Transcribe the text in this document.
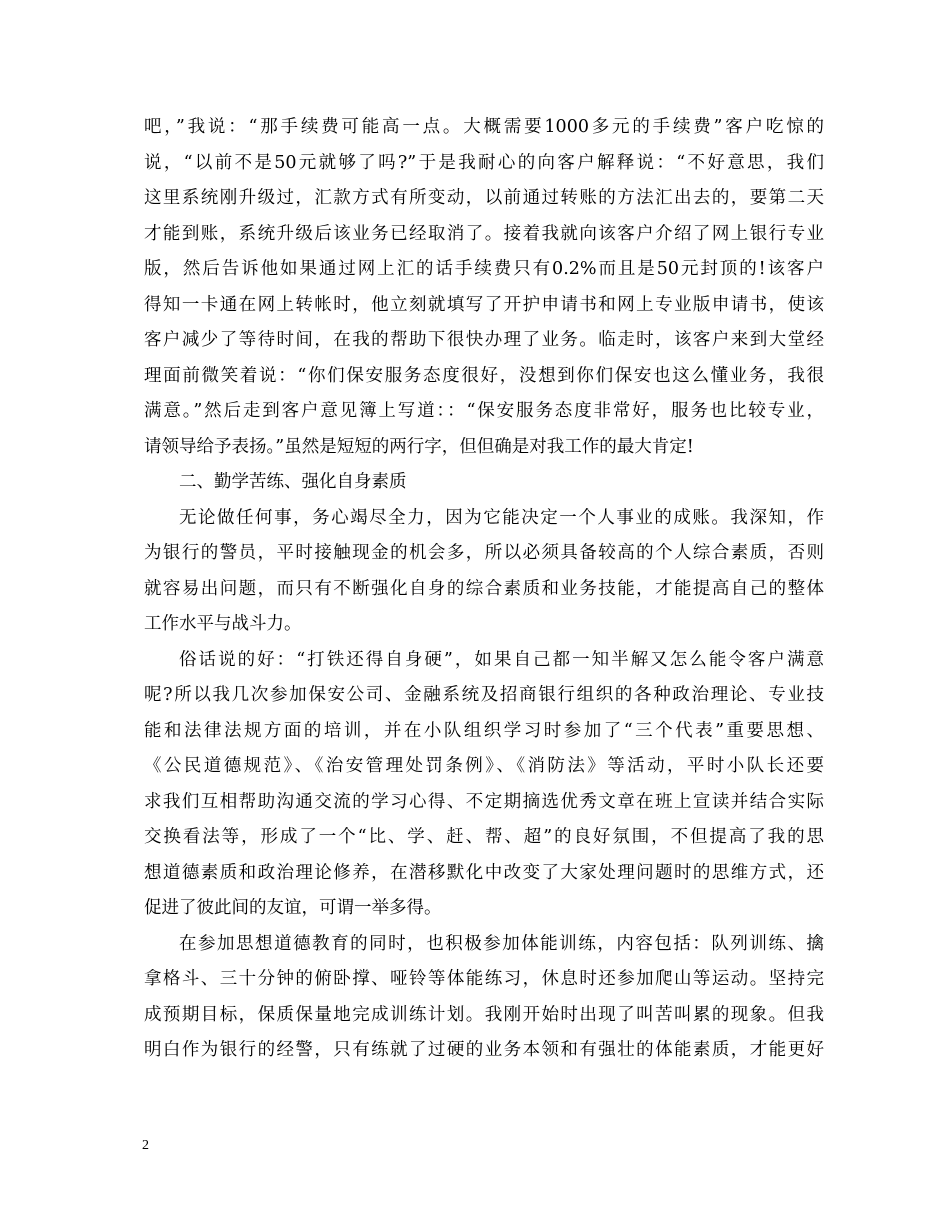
吧，”我说：“那手续费可能高一点。大概需要1000多元的手续费”客户吃惊的
说，“以前不是50元就够了吗?”于是我耐心的向客户解释说：“不好意思，我们
这里系统刚升级过，汇款方式有所变动，以前通过转账的方法汇出去的，要第二天
才能到账，系统升级后该业务已经取消了。接着我就向该客户介绍了网上银行专业
版，然后告诉他如果通过网上汇的话手续费只有0.2%而且是50元封顶的!该客户
得知一卡通在网上转帐时，他立刻就填写了开护申请书和网上专业版申请书，使该
客户减少了等待时间，在我的帮助下很快办理了业务。临走时，该客户来到大堂经
理面前微笑着说：“你们保安服务态度很好，没想到你们保安也这么懂业务，我很
满意。”然后走到客户意见簿上写道：：“保安服务态度非常好，服务也比较专业，
请领导给予表扬。”虽然是短短的两行字，但但确是对我工作的最大肯定!
二、勤学苦练、强化自身素质
无论做任何事，务心竭尽全力，因为它能决定一个人事业的成账。我深知，作
为银行的警员，平时接触现金的机会多，所以必须具备较高的个人综合素质，否则
就容易出问题，而只有不断强化自身的综合素质和业务技能，才能提高自己的整体
工作水平与战斗力。
俗话说的好：“打铁还得自身硬”，如果自己都一知半解又怎么能令客户满意
呢?所以我几次参加保安公司、金融系统及招商银行组织的各种政治理论、专业技
能和法律法规方面的培训，并在小队组织学习时参加了“三个代表”重要思想、
《公民道德规范》、《治安管理处罚条例》、《消防法》等活动，平时小队长还要
求我们互相帮助沟通交流的学习心得、不定期摘选优秀文章在班上宣读并结合实际
交换看法等，形成了一个“比、学、赶、帮、超”的良好氛围，不但提高了我的思
想道德素质和政治理论修养，在潜移默化中改变了大家处理问题时的思维方式，还
促进了彼此间的友谊，可谓一举多得。
在参加思想道德教育的同时，也积极参加体能训练，内容包括：队列训练、擒
拿格斗、三十分钟的俯卧撑、哑铃等体能练习，休息时还参加爬山等运动。坚持完
成预期目标，保质保量地完成训练计划。我刚开始时出现了叫苦叫累的现象。但我
明白作为银行的经警，只有练就了过硬的业务本领和有强壮的体能素质，才能更好
2
